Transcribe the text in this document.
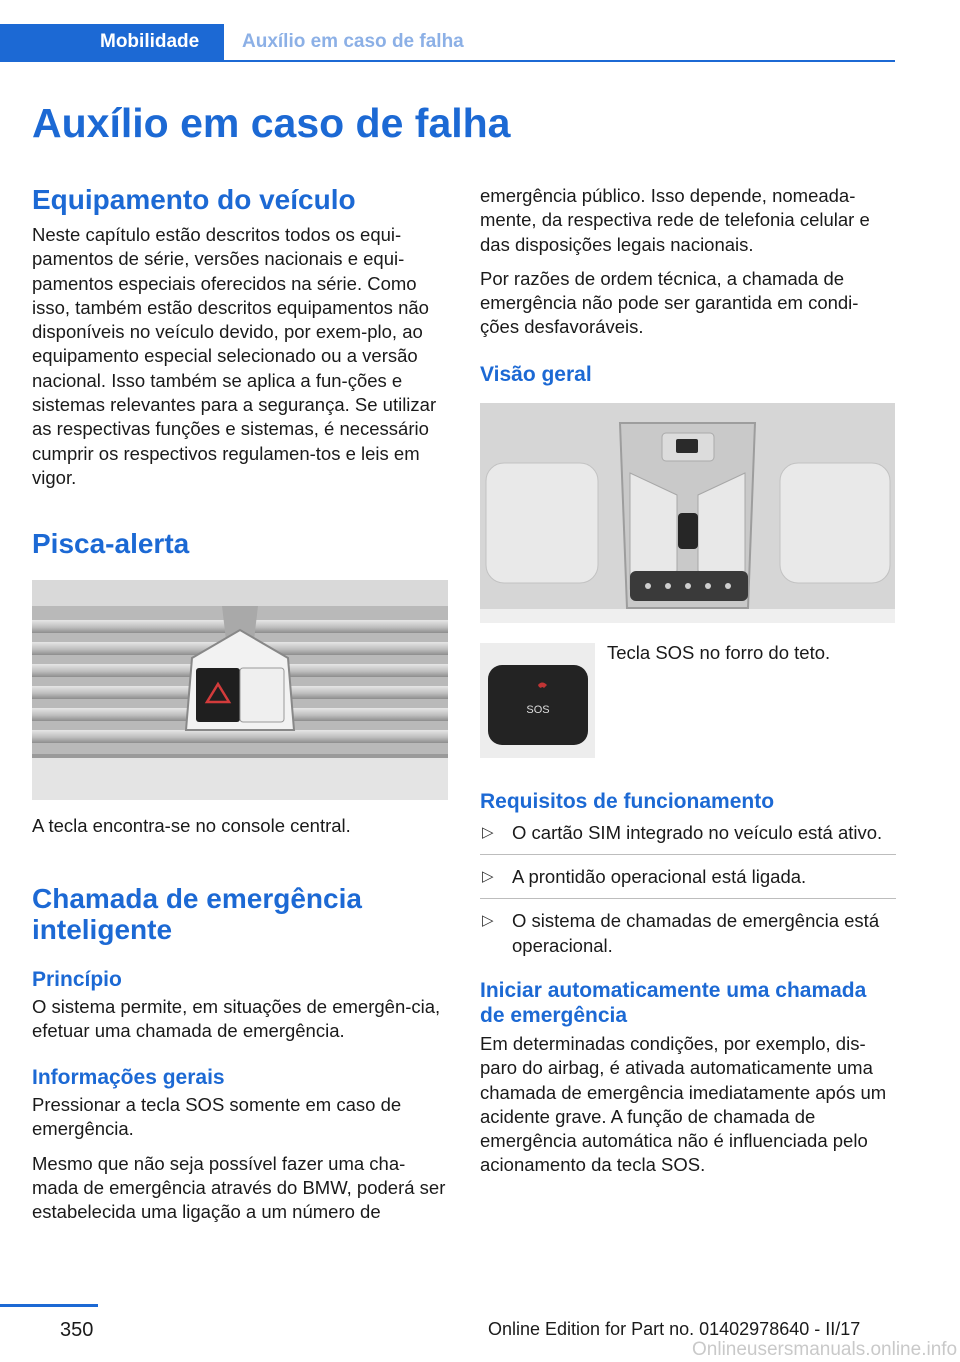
Mobilidade	Auxílio em caso de falha
Auxílio em caso de falha
Equipamento do veículo

Neste capítulo estão descritos todos os equi-pamentos de série, versões nacionais e equi-pamentos especiais oferecidos na série. Como isso, também estão descritos equipamentos não disponíveis no veículo devido, por exem-plo, ao equipamento especial selecionado ou a versão nacional. Isso também se aplica a fun-ções e sistemas relevantes para a segurança. Se utilizar as respectivas funções e sistemas, é necessário cumprir os respectivos regulamen-tos e leis em vigor.

Pisca-alerta

A tecla encontra-se no console central.

Chamada de emergência inteligente
Princípio

O sistema permite, em situações de emergên-cia, efetuar uma chamada de emergência.

Informações gerais

Pressionar a tecla SOS somente em caso de emergência.

Mesmo que não seja possível fazer uma cha-mada de emergência através do BMW, poderá ser estabelecida uma ligação a um número de

emergência público. Isso depende, nomeada-mente, da respectiva rede de telefonia celular e das disposições legais nacionais.

Por razões de ordem técnica, a chamada de emergência não pode ser garantida em condi-ções desfavoráveis.

Visão geral
SOS

Tecla SOS no forro do teto.

Requisitos de funcionamento
▷ O cartão SIM integrado no veículo está ativo.
▷ A prontidão operacional está ligada.
▷ O sistema de chamadas de emergência está operacional.
Iniciar automaticamente uma chamada de emergência

Em determinadas condições, por exemplo, dis-paro do airbag, é ativada automaticamente uma chamada de emergência imediatamente após um acidente grave. A função de chamada de emergência automática não é influenciada pelo acionamento da tecla SOS.

350	Online Edition for Part no. 01402978640 - II/17
Onlineusersmanuals.online.info
